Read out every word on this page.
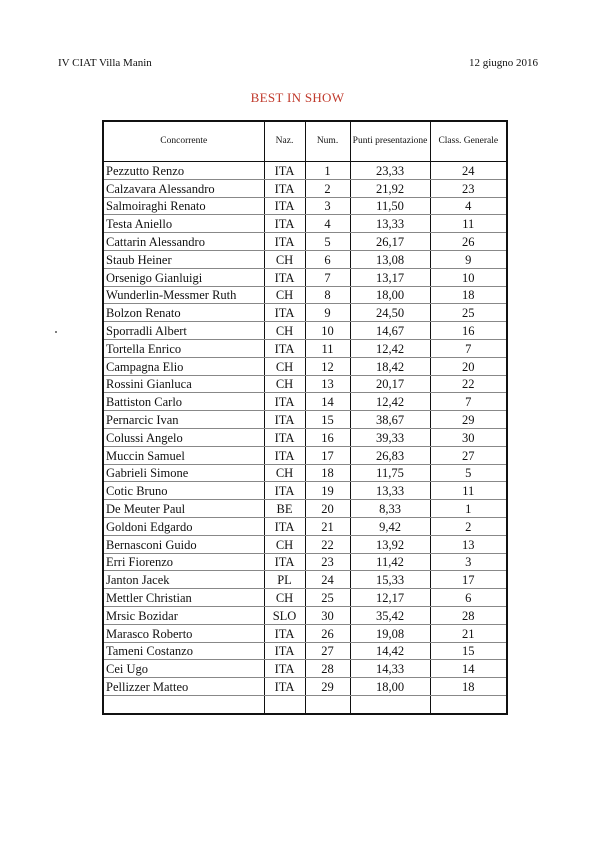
IV CIAT Villa Manin	12 giugno 2016
BEST IN SHOW
Concorrente	Naz.	Num.	Punti presentazione	Class. Generale
Pezzutto Renzo	ITA	1	23,33	24
Calzavara Alessandro	ITA	2	21,92	23
Salmoiraghi Renato	ITA	3	11,50	4
Testa Aniello	ITA	4	13,33	11
Cattarin Alessandro	ITA	5	26,17	26
Staub Heiner	CH	6	13,08	9
Orsenigo Gianluigi	ITA	7	13,17	10
Wunderlin-Messmer Ruth	CH	8	18,00	18
Bolzon Renato	ITA	9	24,50	25
Sporradli Albert	CH	10	14,67	16
Tortella Enrico	ITA	11	12,42	7
Campagna Elio	CH	12	18,42	20
Rossini Gianluca	CH	13	20,17	22
Battiston Carlo	ITA	14	12,42	7
Pernarcic Ivan	ITA	15	38,67	29
Colussi Angelo	ITA	16	39,33	30
Muccin Samuel	ITA	17	26,83	27
Gabrieli Simone	CH	18	11,75	5
Cotic Bruno	ITA	19	13,33	11
De Meuter Paul	BE	20	8,33	1
Goldoni Edgardo	ITA	21	9,42	2
Bernasconi Guido	CH	22	13,92	13
Erri Fiorenzo	ITA	23	11,42	3
Janton Jacek	PL	24	15,33	17
Mettler Christian	CH	25	12,17	6
Mrsic Bozidar	SLO	30	35,42	28
Marasco Roberto	ITA	26	19,08	21
Tameni Costanzo	ITA	27	14,42	15
Cei Ugo	ITA	28	14,33	14
Pellizzer Matteo	ITA	29	18,00	18
